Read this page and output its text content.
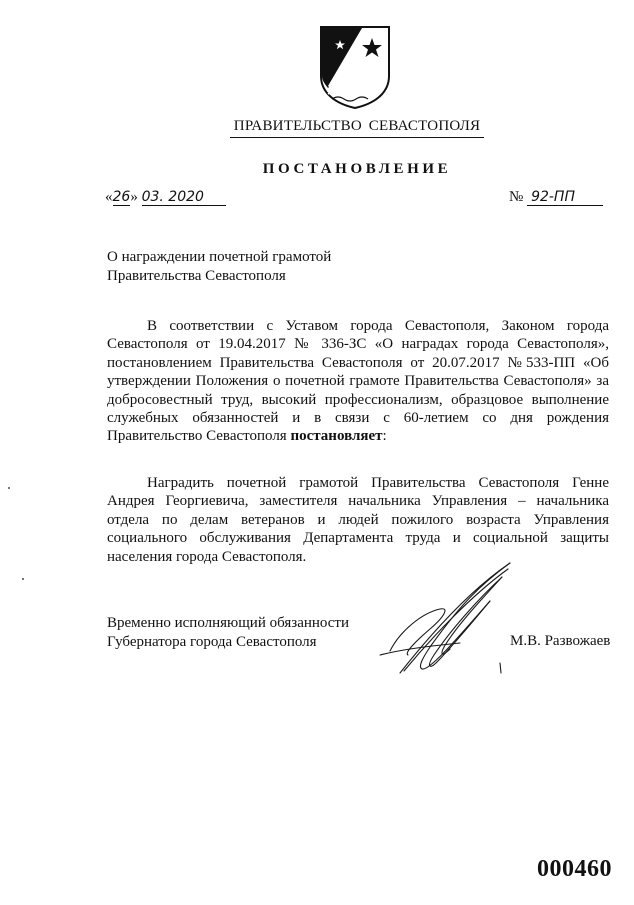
ПРАВИТЕЛЬСТВО СЕВАСТОПОЛЯ
ПОСТАНОВЛЕНИЕ
«26» 03. 2020	№ 92-ПП
О награждении почетной грамотой
Правительства Севастополя
В соответствии с Уставом города Севастополя, Законом города Севастополя от 19.04.2017 № 336-ЗС «О наградах города Севастополя», постановлением Правительства Севастополя от 20.07.2017 №533-ПП «Об утверждении Положения о почетной грамоте Правительства Севастополя» за добросовестный труд, высокий профессионализм, образцовое выполнение служебных обязанностей и в связи с 60-летием со дня рождения Правительство Севастополя постановляет:
Наградить почетной грамотой Правительства Севастополя Генне Андрея Георгиевича, заместителя начальника Управления – начальника отдела по делам ветеранов и людей пожилого возраста Управления социального обслуживания Департамента труда и социальной защиты населения города Севастополя.
Временно исполняющий обязанности
Губернатора города Севастополя	М.В. Развожаев
000460
